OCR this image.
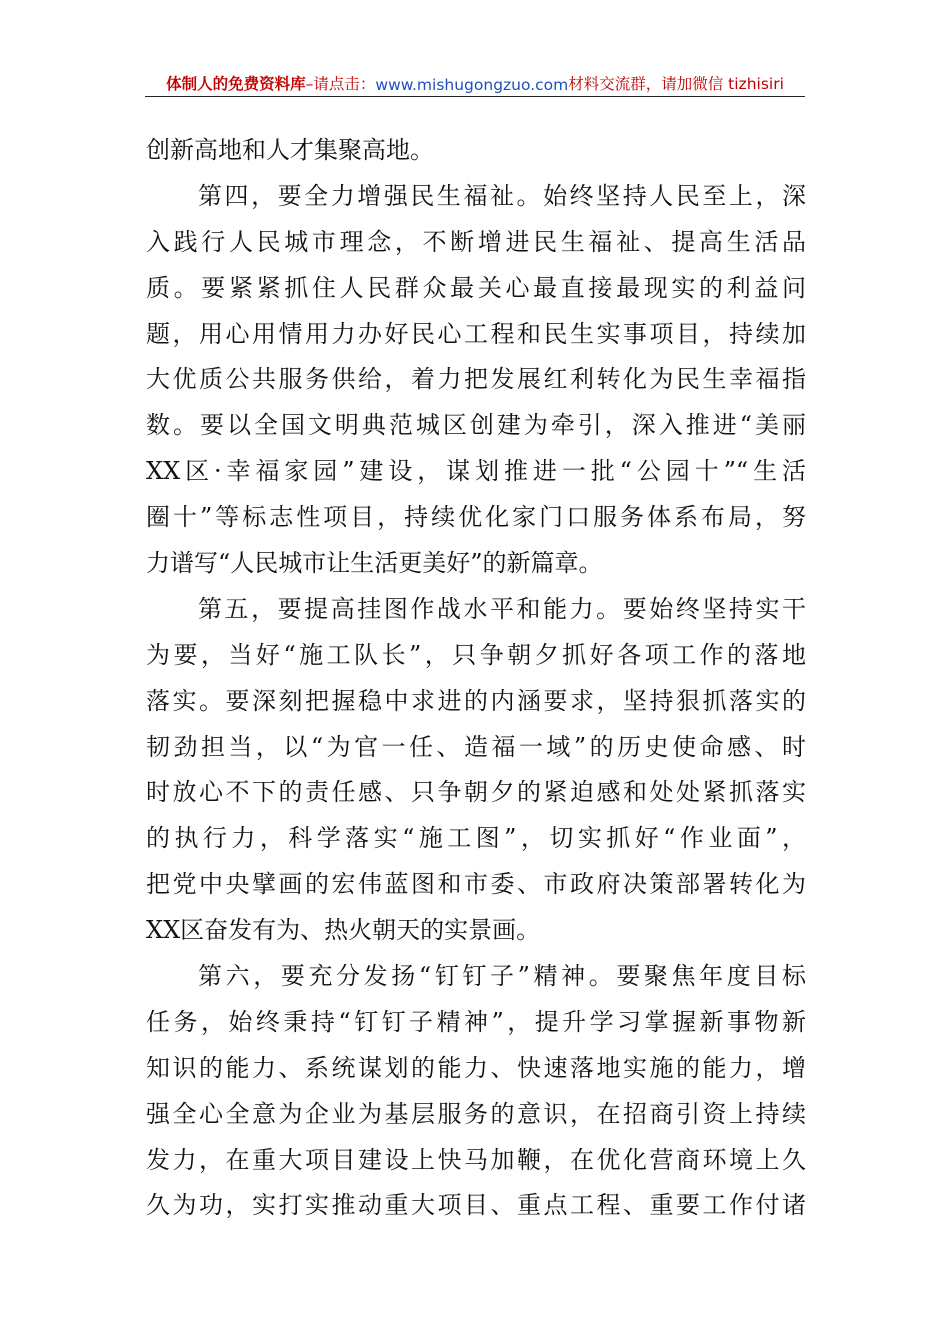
体制人的免费资料库 –请点击： www.mishugongzuo.com 材料交流群，请加微信 tizhisiri
创新高地和人才集聚高地。
第四，要全力增强民生福祉。始终坚持人民至上，深
入践行人民城市理念，不断增进民生福祉、提高生活品
质。要紧紧抓住人民群众最关心最直接最现实的利益问
题，用心用情用力办好民心工程和民生实事项目，持续加
大优质公共服务供给，着力把发展红利转化为民生幸福指
数。要以全国文明典范城区创建为牵引，深入推进“美丽
XX区·幸福家园”建设，谋划推进一批“公园十”“生活
圈十”等标志性项目，持续优化家门口服务体系布局，努
力谱写“人民城市让生活更美好”的新篇章。
第五，要提高挂图作战水平和能力。要始终坚持实干
为要，当好“施工队长”，只争朝夕抓好各项工作的落地
落实。要深刻把握稳中求进的内涵要求，坚持狠抓落实的
韧劲担当，以“为官一任、造福一域”的历史使命感、时
时放心不下的责任感、只争朝夕的紧迫感和处处紧抓落实
的执行力，科学落实“施工图”，切实抓好“作业面”，
把党中央擘画的宏伟蓝图和市委、市政府决策部署转化为
XX区奋发有为、热火朝天的实景画。
第六，要充分发扬“钉钉子”精神。要聚焦年度目标
任务，始终秉持“钉钉子精神”，提升学习掌握新事物新
知识的能力、系统谋划的能力、快速落地实施的能力，增
强全心全意为企业为基层服务的意识，在招商引资上持续
发力，在重大项目建设上快马加鞭，在优化营商环境上久
久为功，实打实推动重大项目、重点工程、重要工作付诸
